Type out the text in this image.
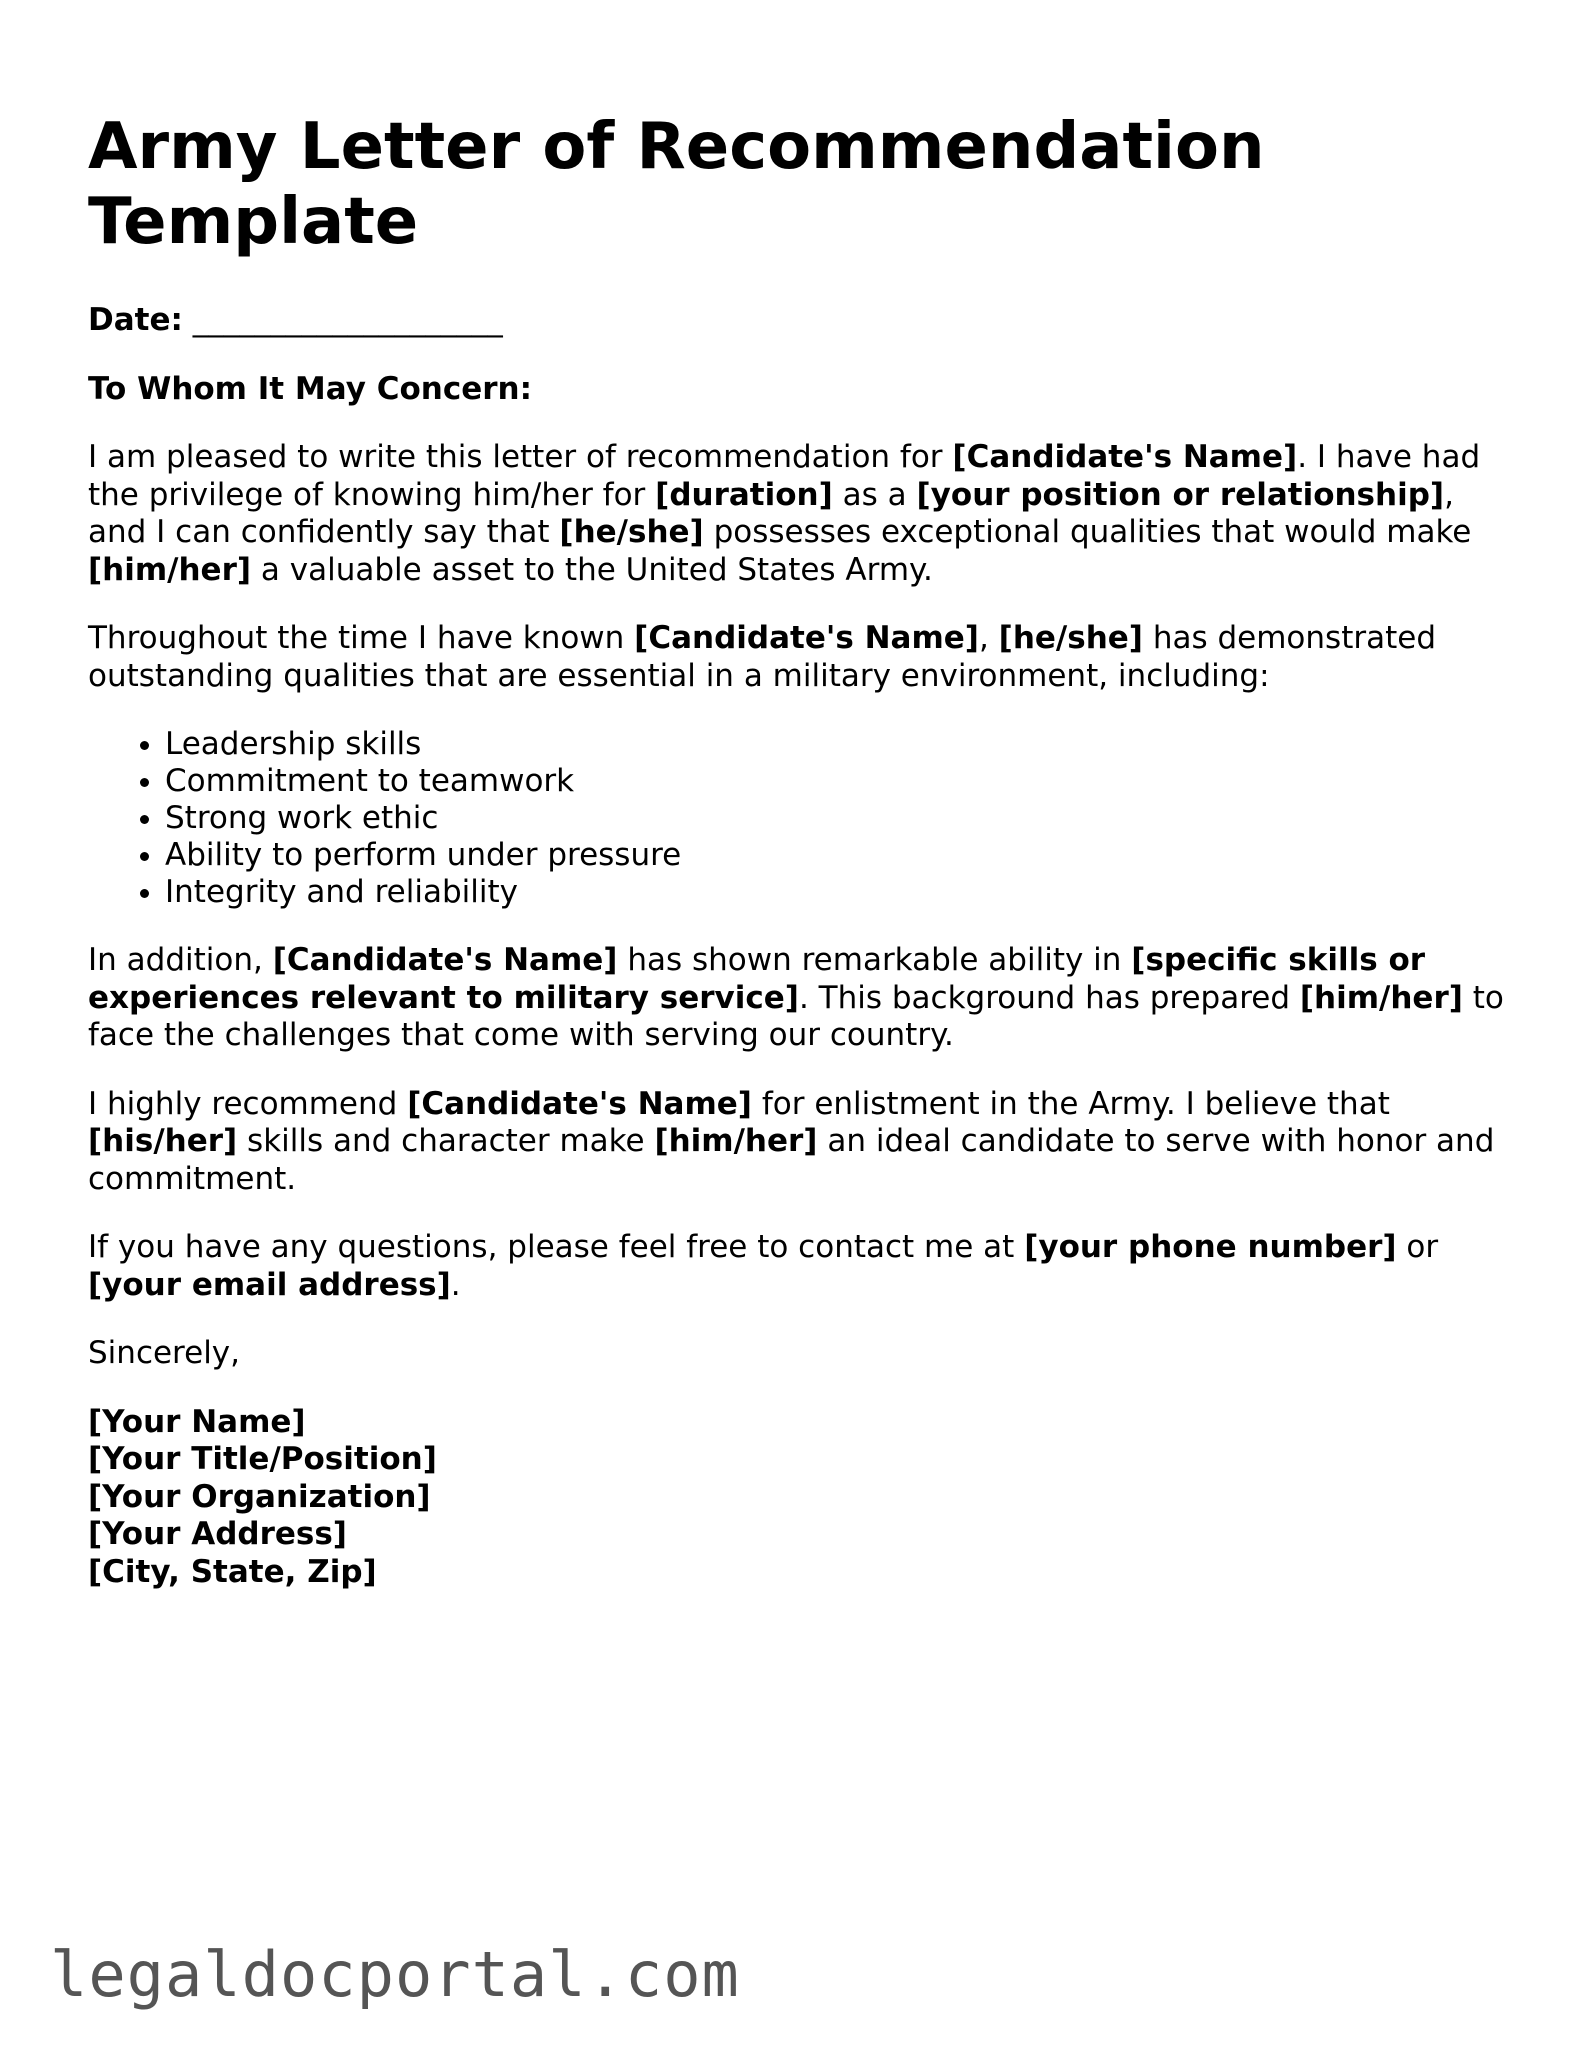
Army Letter of Recommendation Template

Date: ____________________

To Whom It May Concern:

I am pleased to write this letter of recommendation for [Candidate's Name]. I have had the privilege of knowing him/her for [duration] as a [your position or relationship], and I can confidently say that [he/she] possesses exceptional qualities that would make [him/her] a valuable asset to the United States Army.

Throughout the time I have known [Candidate's Name], [he/she] has demonstrated outstanding qualities that are essential in a military environment, including:

• Leadership skills
• Commitment to teamwork
• Strong work ethic
• Ability to perform under pressure
• Integrity and reliability

In addition, [Candidate's Name] has shown remarkable ability in [specific skills or experiences relevant to military service]. This background has prepared [him/her] to face the challenges that come with serving our country.

I highly recommend [Candidate's Name] for enlistment in the Army. I believe that [his/her] skills and character make [him/her] an ideal candidate to serve with honor and commitment.

If you have any questions, please feel free to contact me at [your phone number] or [your email address].

Sincerely,

[Your Name]
[Your Title/Position]
[Your Organization]
[Your Address]
[City, State, Zip]
legaldocportal.com
